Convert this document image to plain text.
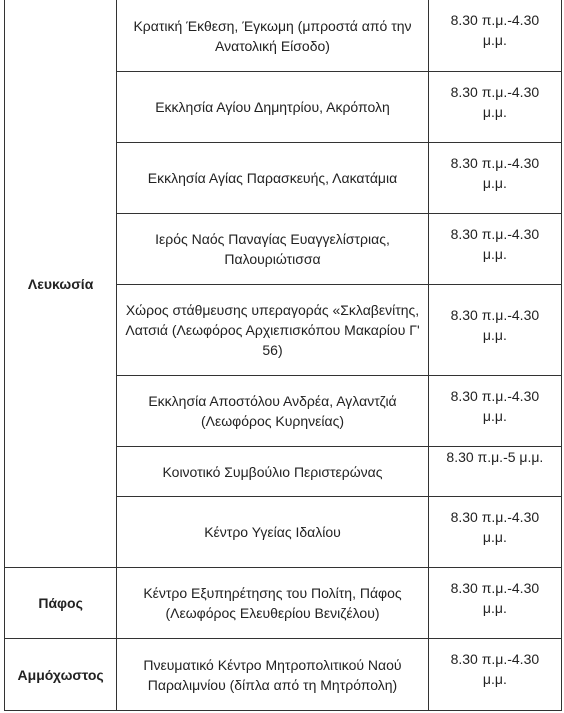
Λευκωσία	Κρατική Έκθεση, Έγκωμη (μπροστά από την Ανατολική Είσοδο)	8.30 π.μ.-4.30 μ.μ.

	Εκκλησία Αγίου Δημητρίου, Ακρόπολη	8.30 π.μ.-4.30 μ.μ.

	Εκκλησία Αγίας Παρασκευής, Λακατάμια	8.30 π.μ.-4.30 μ.μ.

	Ιερός Ναός Παναγίας Ευαγγελίστριας, Παλουριώτισσα	8.30 π.μ.-4.30 μ.μ.

	Χώρος στάθμευσης υπεραγοράς «Σκλαβενίτης, Λατσιά (Λεωφόρος Αρχιεπισκόπου Μακαρίου Γ' 56)	8.30 π.μ.-4.30 μ.μ.

	Εκκλησία Αποστόλου Ανδρέα, Αγλαντζιά (Λεωφόρος Κυρηνείας)	8.30 π.μ.-4.30 μ.μ.

	Κοινοτικό Συμβούλιο Περιστερώνας	8.30 π.μ.-5 μ.μ.

	Κέντρο Υγείας Ιδαλίου	8.30 π.μ.-4.30 μ.μ.

Πάφος	Κέντρο Εξυπηρέτησης του Πολίτη, Πάφος (Λεωφόρος Ελευθερίου Βενιζέλου)	8.30 π.μ.-4.30 μ.μ.

Αμμόχωστος	Πνευματικό Κέντρο Μητροπολιτικού Ναού Παραλιμνίου (δίπλα από τη Μητρόπολη)	8.30 π.μ.-4.30 μ.μ.
